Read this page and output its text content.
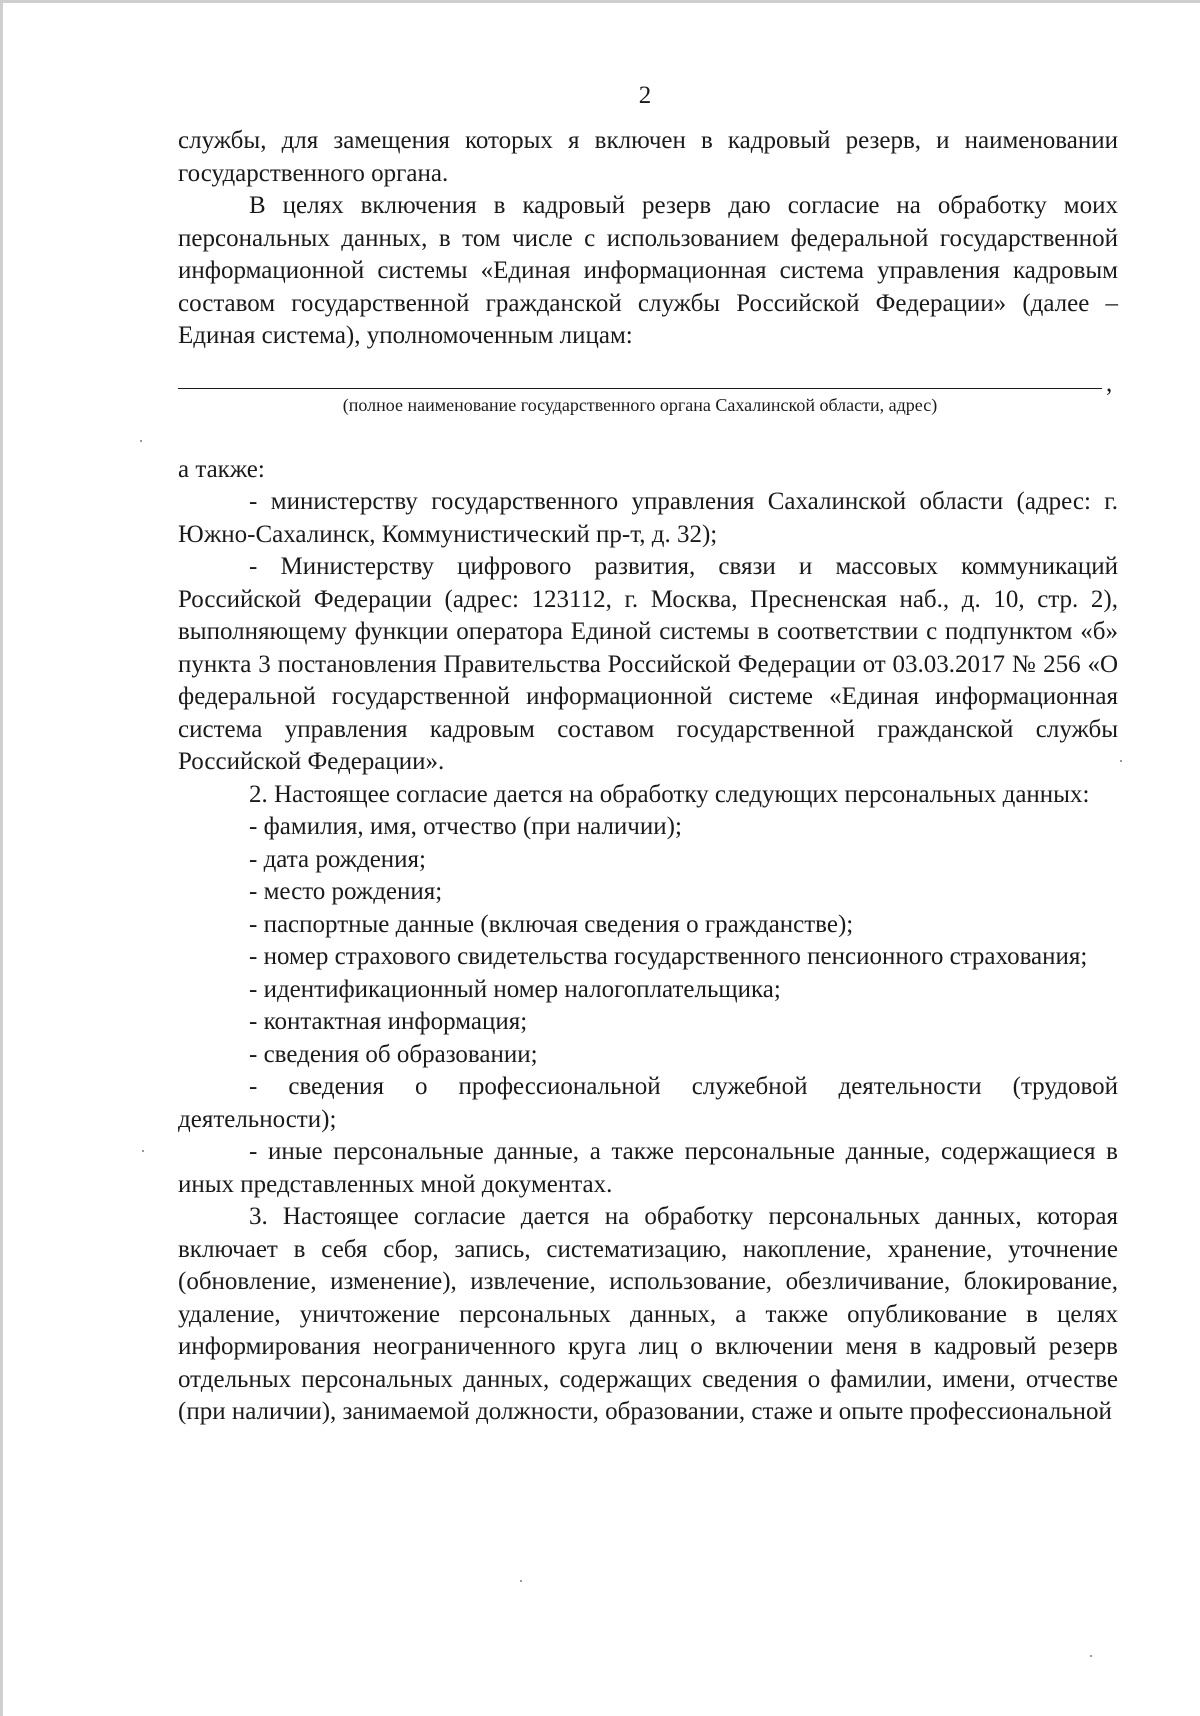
2

службы, для замещения которых я включен в кадровый резерв, и наименовании государственного органа.

В целях включения в кадровый резерв даю согласие на обработку моих персональных данных, в том числе с использованием федеральной государственной информационной системы «Единая информационная система управления кадровым составом государственной гражданской службы Российской Федерации» (далее – Единая система), уполномоченным лицам:

,
(полное наименование государственного органа Сахалинской области, адрес)

а также:

- министерству государственного управления Сахалинской области (адрес: г. Южно-Сахалинск, Коммунистический пр-т, д. 32);

- Министерству цифрового развития, связи и массовых коммуникаций Российской Федерации (адрес: 123112, г. Москва, Пресненская наб., д. 10, стр. 2), выполняющему функции оператора Единой системы в соответствии с подпунктом «б» пункта 3 постановления Правительства Российской Федерации от 03.03.2017 № 256 «О федеральной государственной информационной системе «Единая информационная система управления кадровым составом государственной гражданской службы Российской Федерации».

2. Настоящее согласие дается на обработку следующих персональных данных:

- фамилия, имя, отчество (при наличии);

- дата рождения;

- место рождения;

- паспортные данные (включая сведения о гражданстве);

- номер страхового свидетельства государственного пенсионного страхования;

- идентификационный номер налогоплательщика;

- контактная информация;

- сведения об образовании;

- сведения о профессиональной служебной деятельности (трудовой деятельности);

- иные персональные данные, а также персональные данные, содержащиеся в иных представленных мной документах.

3. Настоящее согласие дается на обработку персональных данных, которая включает в себя сбор, запись, систематизацию, накопление, хранение, уточнение (обновление, изменение), извлечение, использование, обезличивание, блокирование, удаление, уничтожение персональных данных, а также опубликование в целях информирования неограниченного круга лиц о включении меня в кадровый резерв отдельных персональных данных, содержащих сведения о фамилии, имени, отчестве (при наличии), занимаемой должности, образовании, стаже и опыте профессиональной
